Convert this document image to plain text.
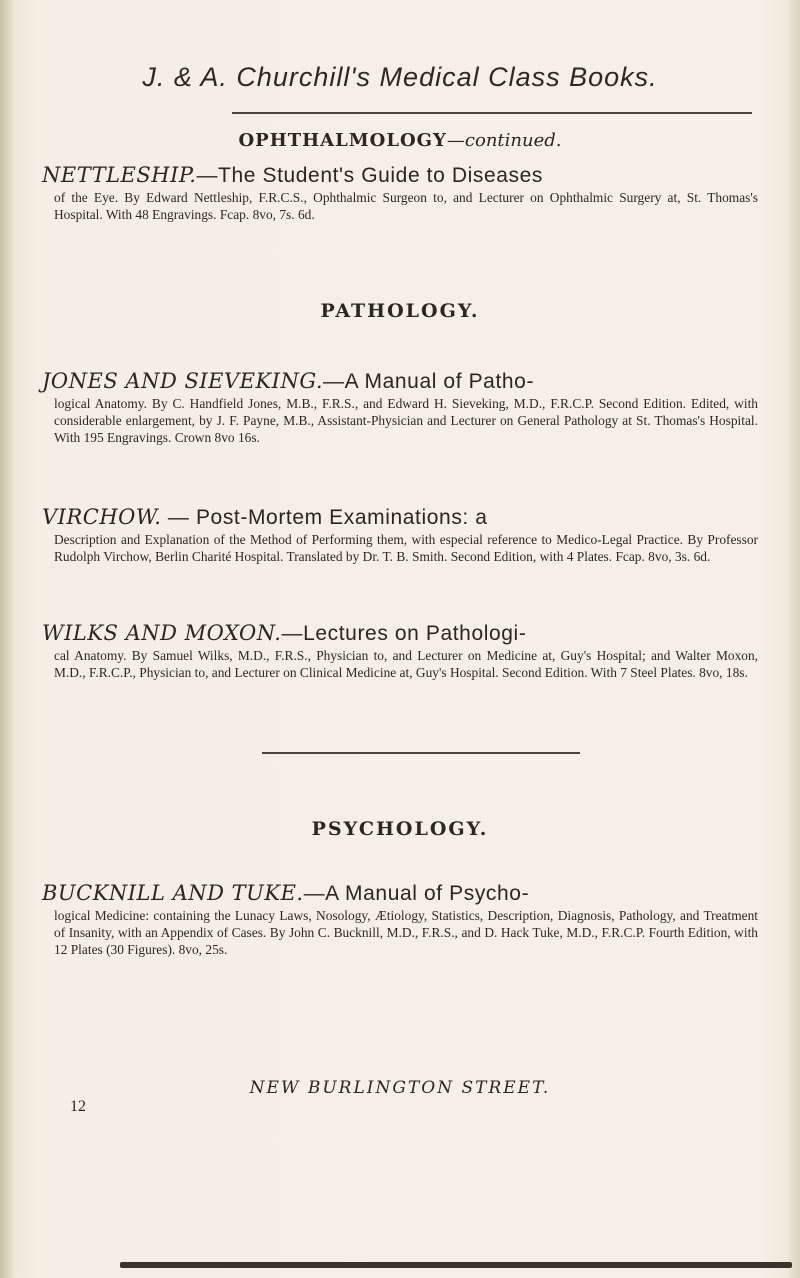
J. & A. Churchill's Medical Class Books.
OPHTHALMOLOGY—continued.
NETTLESHIP.—The Student's Guide to Diseases
of the Eye. By Edward Nettleship, F.R.C.S., Ophthalmic Surgeon to, and Lecturer on Ophthalmic Surgery at, St. Thomas's Hospital. With 48 Engravings. Fcap. 8vo, 7s. 6d.
PATHOLOGY.
JONES AND SIEVEKING.—A Manual of Patho-
logical Anatomy. By C. Handfield Jones, M.B., F.R.S., and Edward H. Sieveking, M.D., F.R.C.P. Second Edition. Edited, with considerable enlargement, by J. F. Payne, M.B., Assistant-Physician and Lecturer on General Pathology at St. Thomas's Hospital. With 195 Engravings. Crown 8vo 16s.
VIRCHOW. — Post-Mortem Examinations: a
Description and Explanation of the Method of Performing them, with especial reference to Medico-Legal Practice. By Professor Rudolph Virchow, Berlin Charité Hospital. Translated by Dr. T. B. Smith. Second Edition, with 4 Plates. Fcap. 8vo, 3s. 6d.
WILKS AND MOXON.—Lectures on Pathologi-
cal Anatomy. By Samuel Wilks, M.D., F.R.S., Physician to, and Lecturer on Medicine at, Guy's Hospital; and Walter Moxon, M.D., F.R.C.P., Physician to, and Lecturer on Clinical Medicine at, Guy's Hospital. Second Edition. With 7 Steel Plates. 8vo, 18s.
PSYCHOLOGY.
BUCKNILL AND TUKE.—A Manual of Psycho-
logical Medicine: containing the Lunacy Laws, Nosology, Ætiology, Statistics, Description, Diagnosis, Pathology, and Treatment of Insanity, with an Appendix of Cases. By John C. Bucknill, M.D., F.R.S., and D. Hack Tuke, M.D., F.R.C.P. Fourth Edition, with 12 Plates (30 Figures). 8vo, 25s.
NEW BURLINGTON STREET.
12
